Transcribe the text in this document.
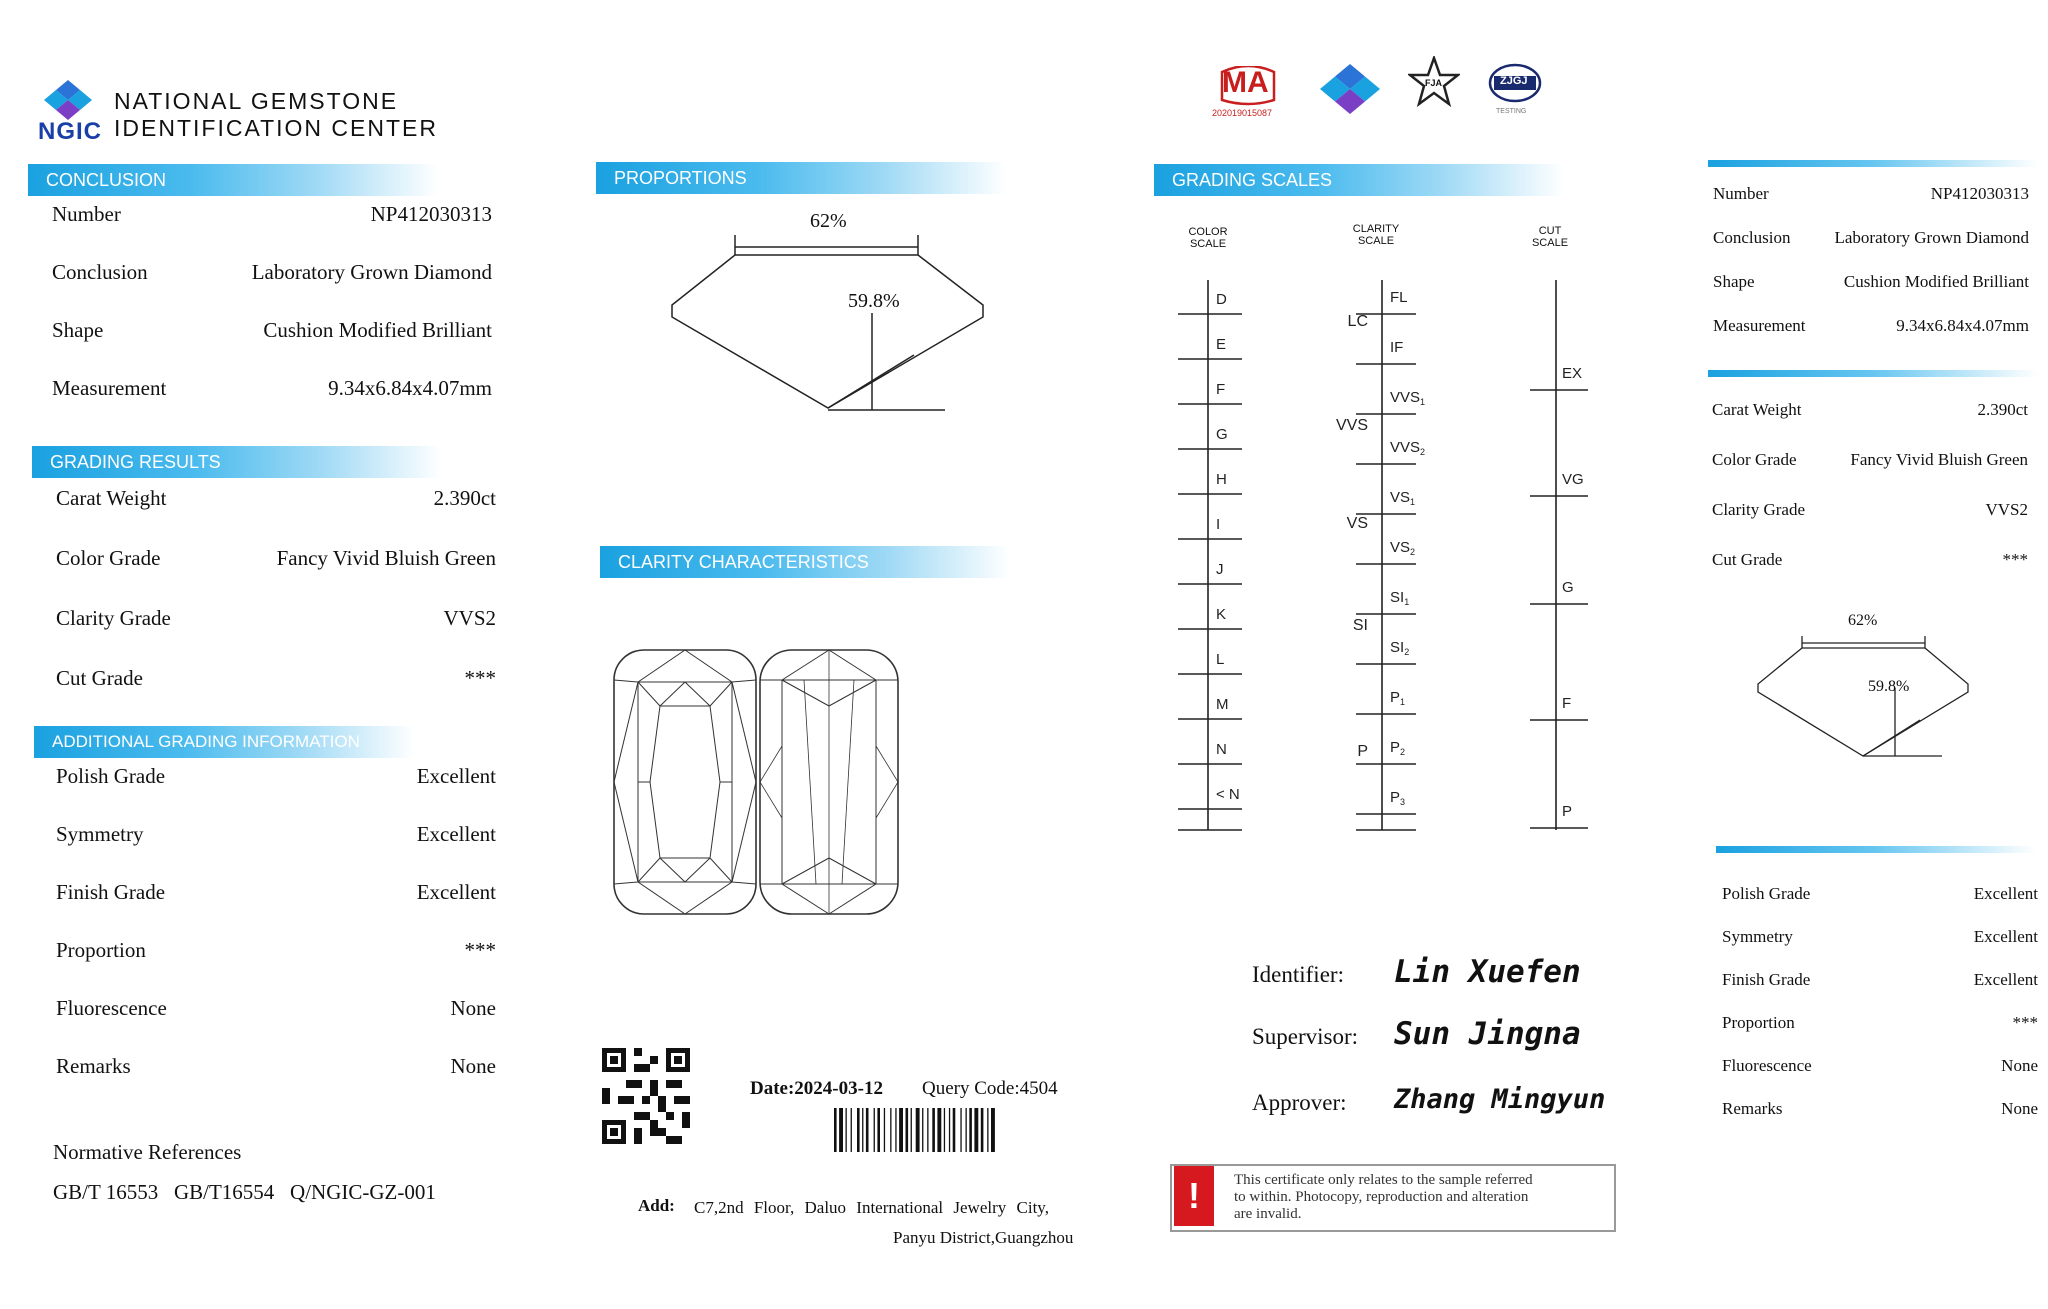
NGIC
NATIONAL GEMSTONE
IDENTIFICATION CENTER
CONCLUSION
Number	NP412030313
Conclusion	Laboratory Grown Diamond
Shape	Cushion Modified Brilliant
Measurement	9.34x6.84x4.07mm
GRADING RESULTS
Carat Weight	2.390ct
Color Grade	Fancy Vivid Bluish Green
Clarity Grade	VVS2
Cut Grade	***
ADDITIONAL GRADING INFORMATION
Polish Grade	Excellent
Symmetry	Excellent
Finish Grade	Excellent
Proportion	***
Fluorescence	None
Remarks	None
Normative References
GB/T 16553   GB/T16554   Q/NGIC-GZ-001
PROPORTIONS
62%
59.8%
CLARITY CHARACTERISTICS
Date:2024-03-12 Query Code:4504
Add: C7,2nd Floor, Daluo International Jewelry City,
Panyu District,Guangzhou
MA
202019015087
FJA	ZJGJ
TESTING
GRADING SCALES
COLOR
SCALE
CLARITY
SCALE
CUT
SCALE
D
E
F
G
H
I
J
K
L
M
N
< N
FL
IF
$VVS_1$
$VVS_2$
$VS_1$
$VS_2$
$SI_1$
$SI_2$
$P_1$
$P_2$
$P_3$
LC
VVS
VS
SI
P
EX
VG
G
F
P
Identifier: Lin Xuefen
Supervisor: Sun Jingna
Approver: Zhang Mingyun
!	This certificate only relates to the sample referred
to within. Photocopy, reproduction and alteration
are invalid.
Number	NP412030313
Conclusion	Laboratory Grown Diamond
Shape	Cushion Modified Brilliant
Measurement	9.34x6.84x4.07mm
Carat Weight	2.390ct
Color Grade	Fancy Vivid Bluish Green
Clarity Grade	VVS2
Cut Grade	***
62%
59.8%
Polish Grade	Excellent
Symmetry	Excellent
Finish Grade	Excellent
Proportion	***
Fluorescence	None
Remarks	None
